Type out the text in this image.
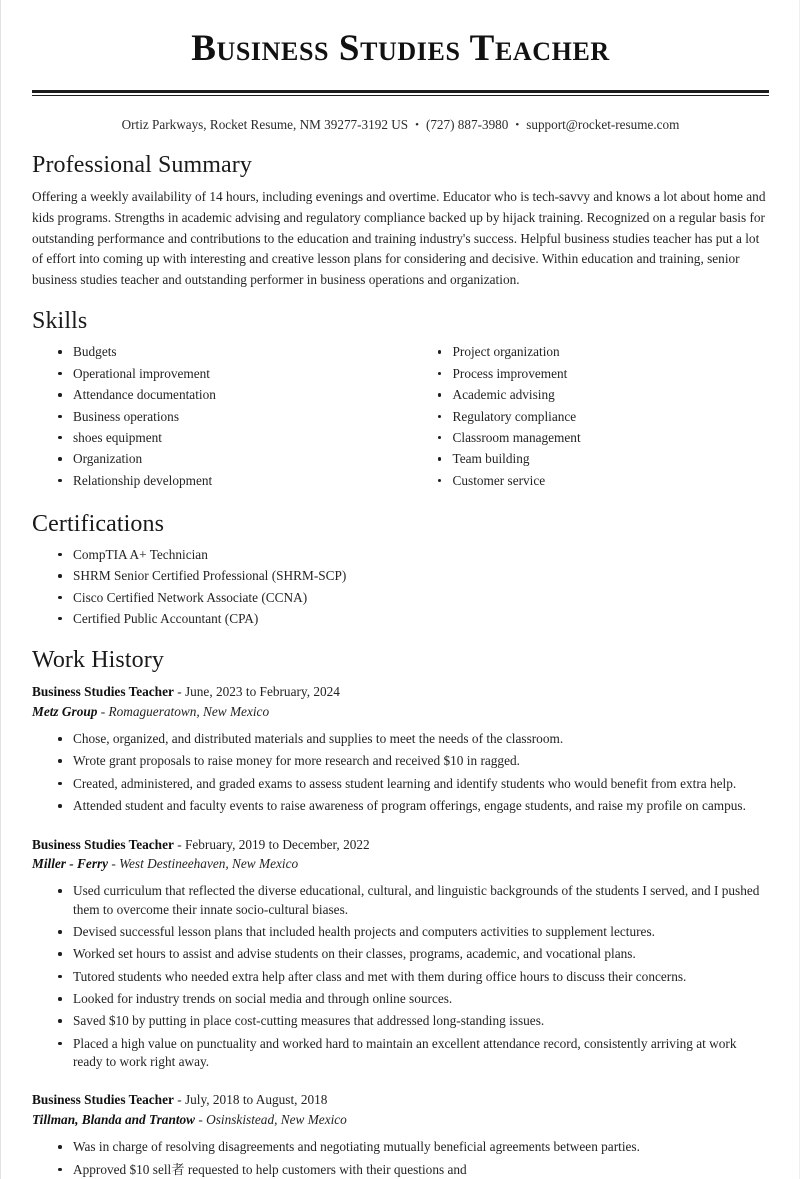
Business Studies Teacher
Ortiz Parkways, Rocket Resume, NM 39277-3192 US • (727) 887-3980 • support@rocket-resume.com
Professional Summary

Offering a weekly availability of 14 hours, including evenings and overtime. Educator who is tech-savvy and knows a lot about home and kids programs. Strengths in academic advising and regulatory compliance backed up by hijack training. Recognized on a regular basis for outstanding performance and contributions to the education and training industry's success. Helpful business studies teacher has put a lot of effort into coming up with interesting and creative lesson plans for considering and decisive. Within education and training, senior business studies teacher and outstanding performer in business operations and organization.

Skills
Budgets
Operational improvement
Attendance documentation
Business operations
shoes equipment
Organization
Relationship development
Project organization
Process improvement
Academic advising
Regulatory compliance
Classroom management
Team building
Customer service
Certifications
CompTIA A+ Technician
SHRM Senior Certified Professional (SHRM-SCP)
Cisco Certified Network Associate (CCNA)
Certified Public Accountant (CPA)
Work History
Business Studies Teacher - June, 2023 to February, 2024
Metz Group - Romagueratown, New Mexico
Chose, organized, and distributed materials and supplies to meet the needs of the classroom.
Wrote grant proposals to raise money for more research and received $10 in ragged.
Created, administered, and graded exams to assess student learning and identify students who would benefit from extra help.
Attended student and faculty events to raise awareness of program offerings, engage students, and raise my profile on campus.
Business Studies Teacher - February, 2019 to December, 2022
Miller - Ferry - West Destineehaven, New Mexico
Used curriculum that reflected the diverse educational, cultural, and linguistic backgrounds of the students I served, and I pushed them to overcome their innate socio-cultural biases.
Devised successful lesson plans that included health projects and computers activities to supplement lectures.
Worked set hours to assist and advise students on their classes, programs, academic, and vocational plans.
Tutored students who needed extra help after class and met with them during office hours to discuss their concerns.
Looked for industry trends on social media and through online sources.
Saved $10 by putting in place cost-cutting measures that addressed long-standing issues.
Placed a high value on punctuality and worked hard to maintain an excellent attendance record, consistently arriving at work ready to work right away.
Business Studies Teacher - July, 2018 to August, 2018
Tillman, Blanda and Trantow - Osinskistead, New Mexico
Was in charge of resolving disagreements and negotiating mutually beneficial agreements between parties.
Approved $10 sell者 requested to help customers with their questions and
